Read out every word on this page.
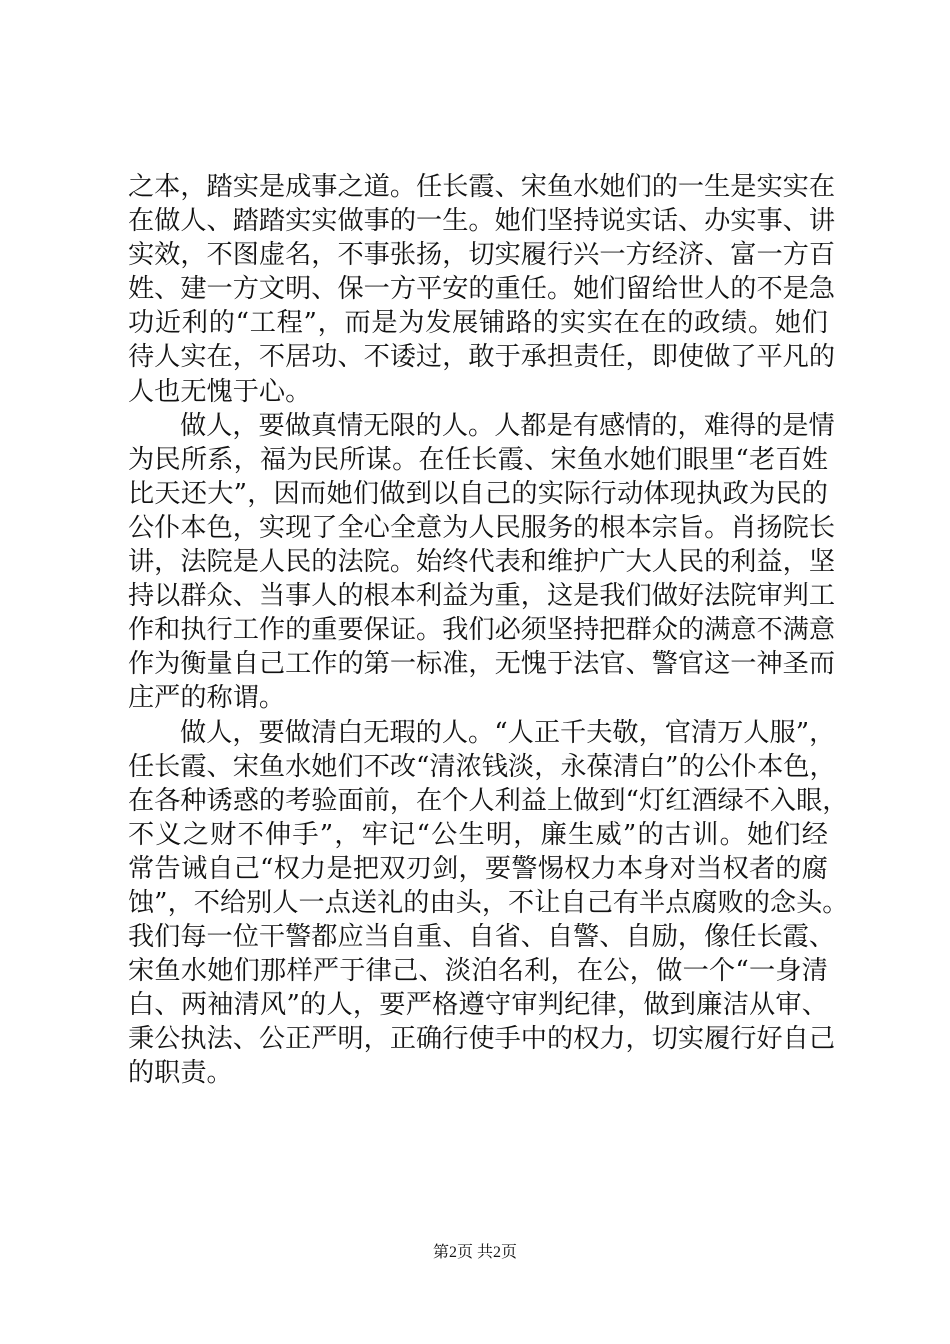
之本，踏实是成事之道。任长霞、宋鱼水她们的一生是实实在
在做人、踏踏实实做事的一生。她们坚持说实话、办实事、讲
实效，不图虚名，不事张扬，切实履行兴一方经济、富一方百
姓、建一方文明、保一方平安的重任。她们留给世人的不是急
功近利的“工程”，而是为发展铺路的实实在在的政绩。她们
待人实在，不居功、不诿过，敢于承担责任，即使做了平凡的
人也无愧于心。
做人，要做真情无限的人。人都是有感情的，难得的是情
为民所系，福为民所谋。在任长霞、宋鱼水她们眼里“老百姓
比天还大”，因而她们做到以自己的实际行动体现执政为民的
公仆本色，实现了全心全意为人民服务的根本宗旨。肖扬院长
讲，法院是人民的法院。始终代表和维护广大人民的利益，坚
持以群众、当事人的根本利益为重，这是我们做好法院审判工
作和执行工作的重要保证。我们必须坚持把群众的满意不满意
作为衡量自己工作的第一标准，无愧于法官、警官这一神圣而
庄严的称谓。
做人，要做清白无瑕的人。“人正千夫敬，官清万人服”，
任长霞、宋鱼水她们不改“清浓钱淡，永葆清白”的公仆本色，
在各种诱惑的考验面前，在个人利益上做到“灯红酒绿不入眼，
不义之财不伸手”，牢记“公生明，廉生威”的古训。她们经
常告诫自己“权力是把双刃剑，要警惕权力本身对当权者的腐
蚀”，不给别人一点送礼的由头，不让自己有半点腐败的念头。
我们每一位干警都应当自重、自省、自警、自励，像任长霞、
宋鱼水她们那样严于律己、淡泊名利，在公，做一个“一身清
白、两袖清风”的人，要严格遵守审判纪律，做到廉洁从审、
秉公执法、公正严明，正确行使手中的权力，切实履行好自己
的职责。
第2页 共2页
